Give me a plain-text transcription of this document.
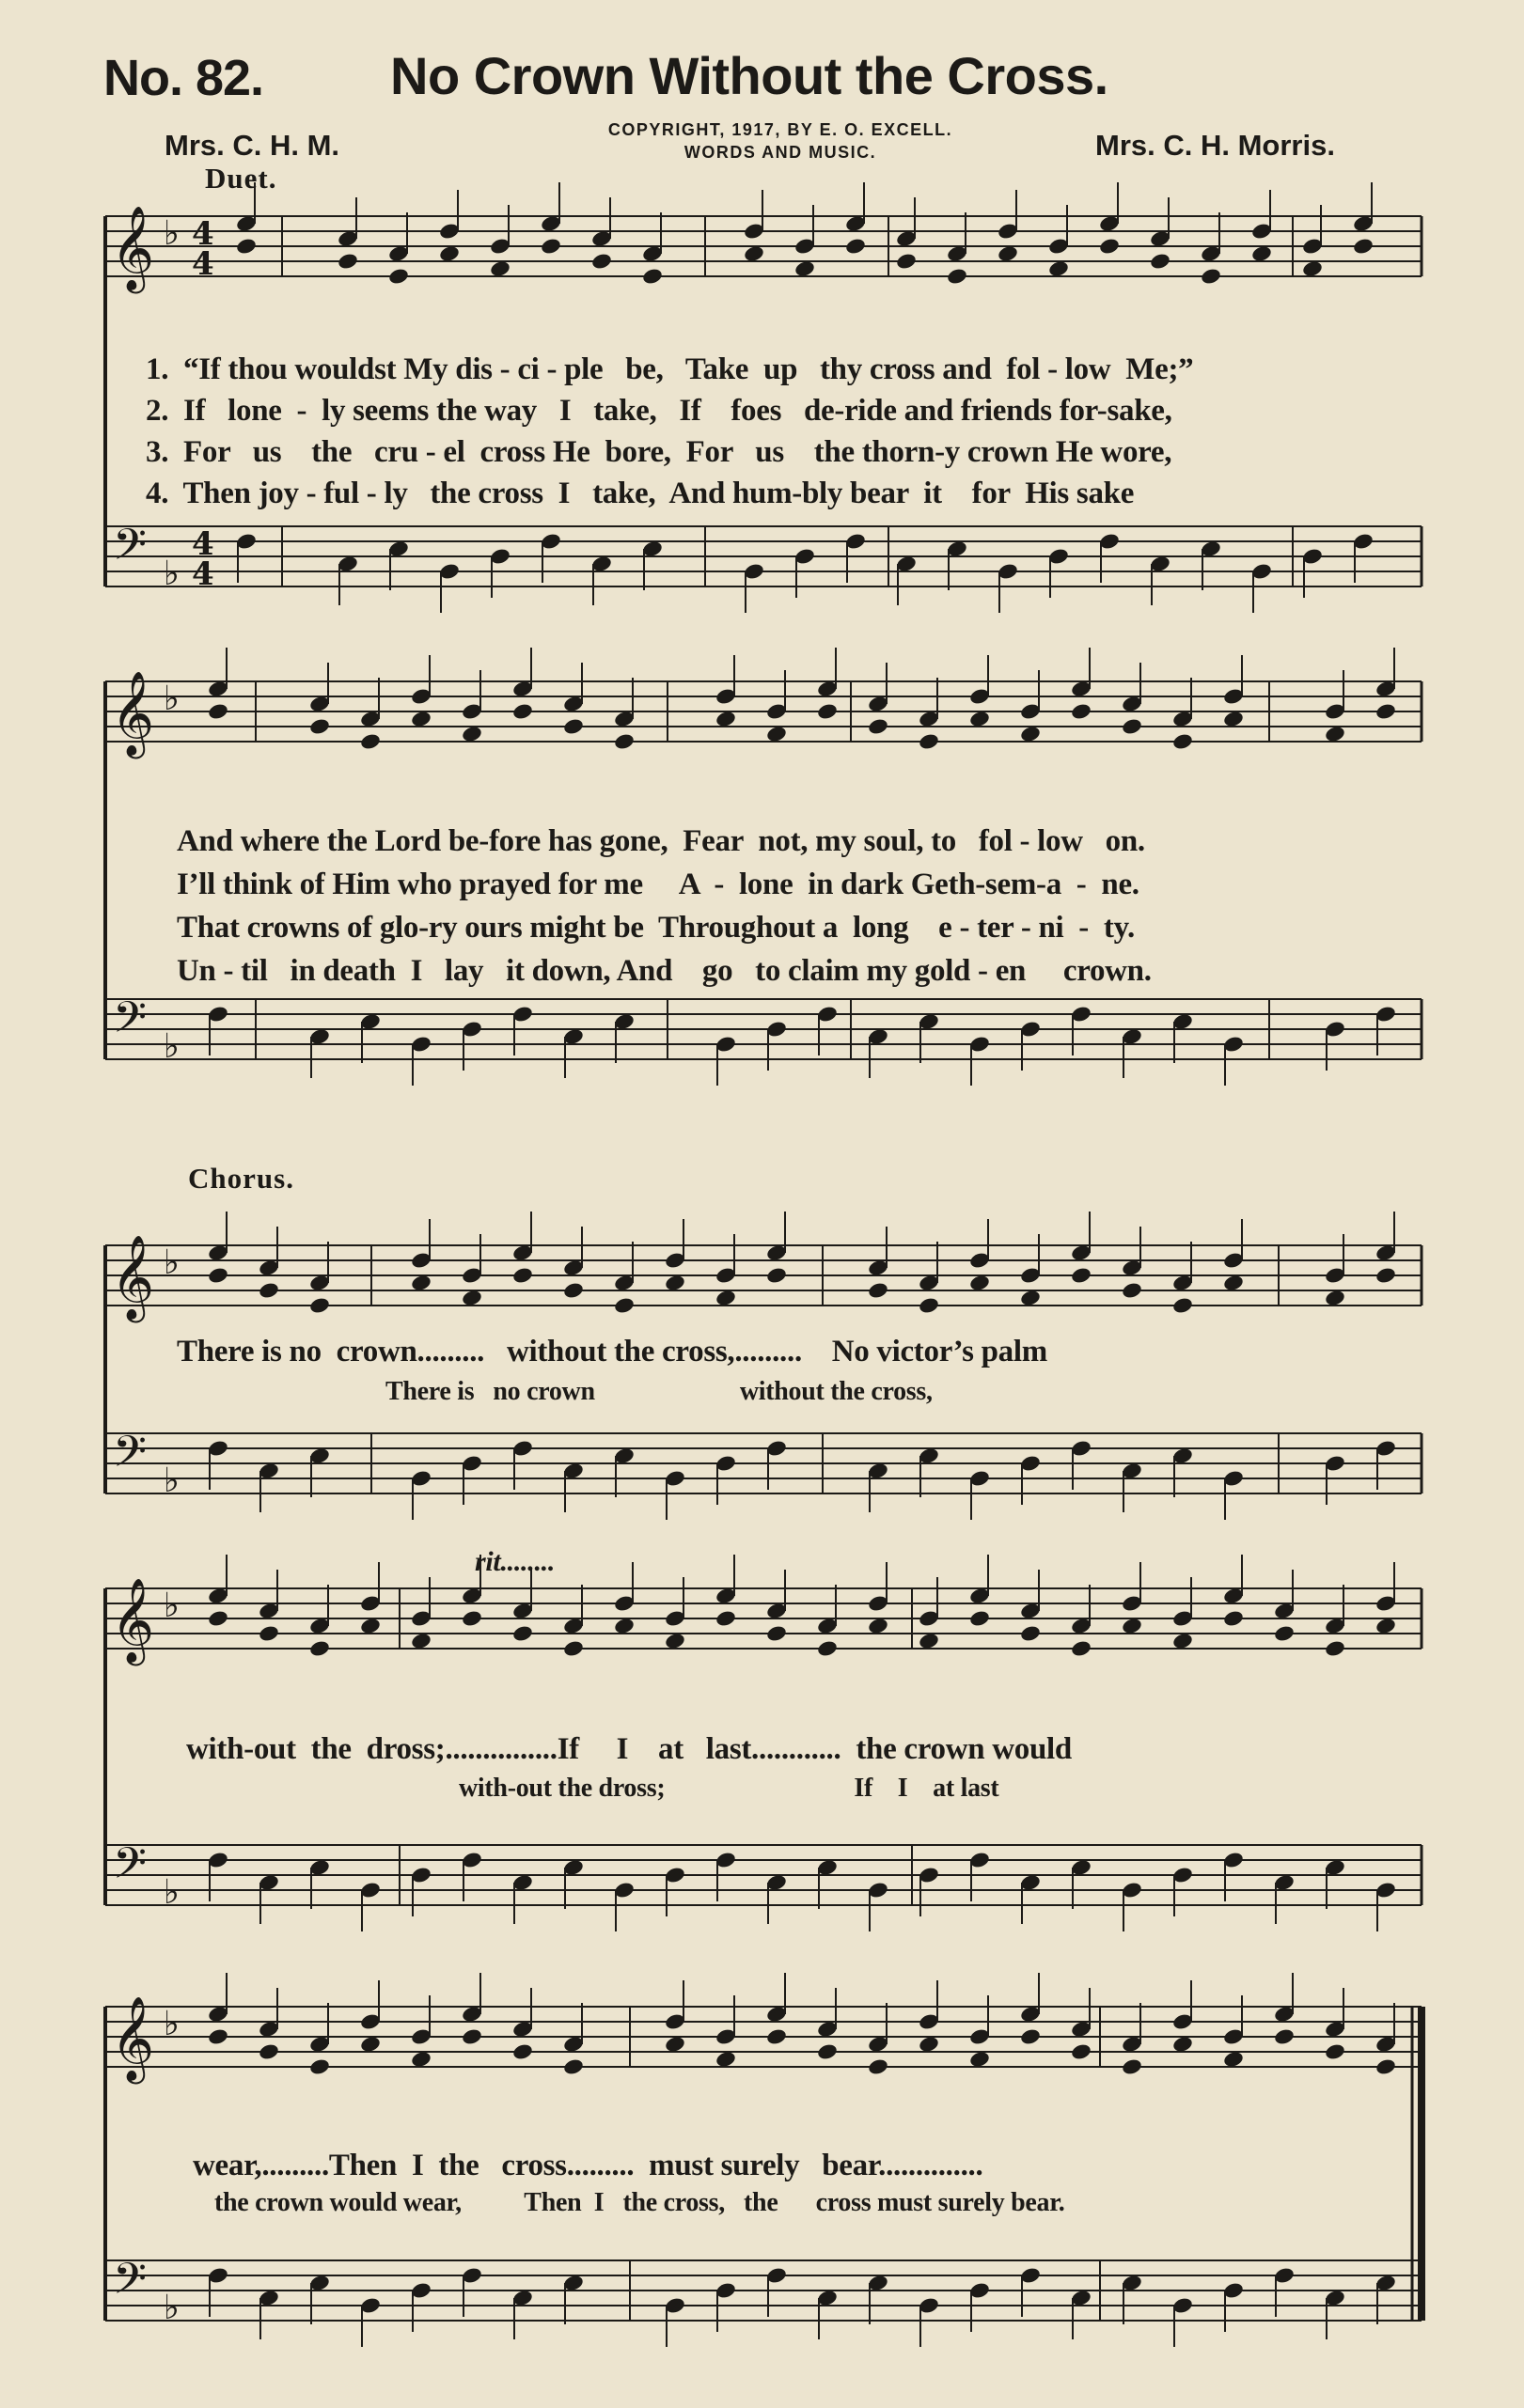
No. 82. No Crown Without the Cross.
Mrs. C. H. M.	COPYRIGHT, 1917, BY E. O. EXCELL.
WORDS AND MUSIC.	Mrs. C. H. Morris.
Duet.
Chorus.
rit........
𝄞
𝄢
♭
♭
4
4
4
4
𝄞
𝄢
♭
♭
𝄞
𝄢
♭
♭
𝄞
𝄢
♭
♭
𝄞
𝄢
♭
♭
1.  “If thou wouldst My dis - ci - ple   be,   Take  up   thy cross and  fol - low  Me;”
2.  If   lone  -  ly seems the way   I   take,   If    foes   de-ride and friends for-sake,
3.  For   us    the   cru - el  cross He  bore,  For   us    the thorn-y crown He wore,
4.  Then joy - ful - ly   the cross  I   take,  And hum-bly bear  it    for  His sake
And where the Lord be-fore has gone,  Fear  not, my soul, to   fol - low   on.
I’ll think of Him who prayed for me     A  -  lone  in dark Geth-sem-a  -  ne.
That crowns of glo-ry ours might be  Throughout a  long    e - ter - ni  -  ty.
Un - til   in death  I   lay   it down, And    go   to claim my gold - en     crown.
There is no  crown.........   without the cross,.........    No victor’s palm
There is   no crown                       without the cross,
with-out  the  dross;...............If     I    at   last............  the crown would
with-out the dross;                              If    I    at last
wear,.........Then  I  the   cross.........  must surely   bear..............
the crown would wear,          Then  I   the cross,   the      cross must surely bear.
